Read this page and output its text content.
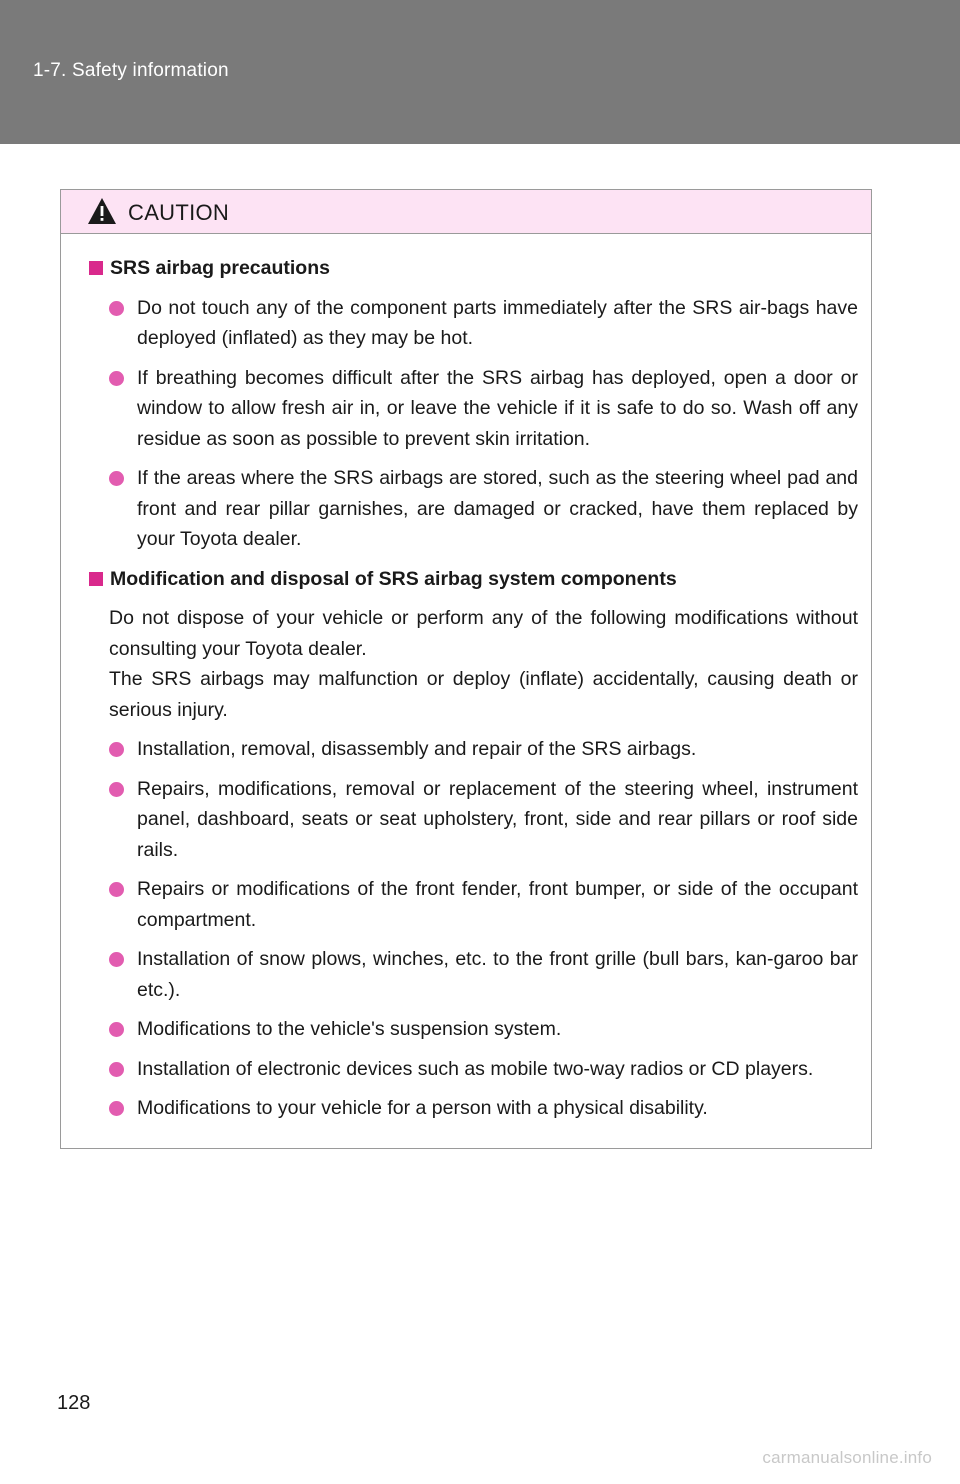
1-7. Safety information
CAUTION
SRS airbag precautions
Do not touch any of the component parts immediately after the SRS air-bags have deployed (inflated) as they may be hot.
If breathing becomes difficult after the SRS airbag has deployed, open a door or window to allow fresh air in, or leave the vehicle if it is safe to do so. Wash off any residue as soon as possible to prevent skin irritation.
If the areas where the SRS airbags are stored, such as the steering wheel pad and front and rear pillar garnishes, are damaged or cracked, have them replaced by your Toyota dealer.
Modification and disposal of SRS airbag system components
Do not dispose of your vehicle or perform any of the following modifications without consulting your Toyota dealer.
The SRS airbags may malfunction or deploy (inflate) accidentally, causing death or serious injury.
Installation, removal, disassembly and repair of the SRS airbags.
Repairs, modifications, removal or replacement of the steering wheel, instrument panel, dashboard, seats or seat upholstery, front, side and rear pillars or roof side rails.
Repairs or modifications of the front fender, front bumper, or side of the occupant compartment.
Installation of snow plows, winches, etc. to the front grille (bull bars, kan-garoo bar etc.).
Modifications to the vehicle's suspension system.
Installation of electronic devices such as mobile two-way radios or CD players.
Modifications to your vehicle for a person with a physical disability.
128
carmanualsonline.info
